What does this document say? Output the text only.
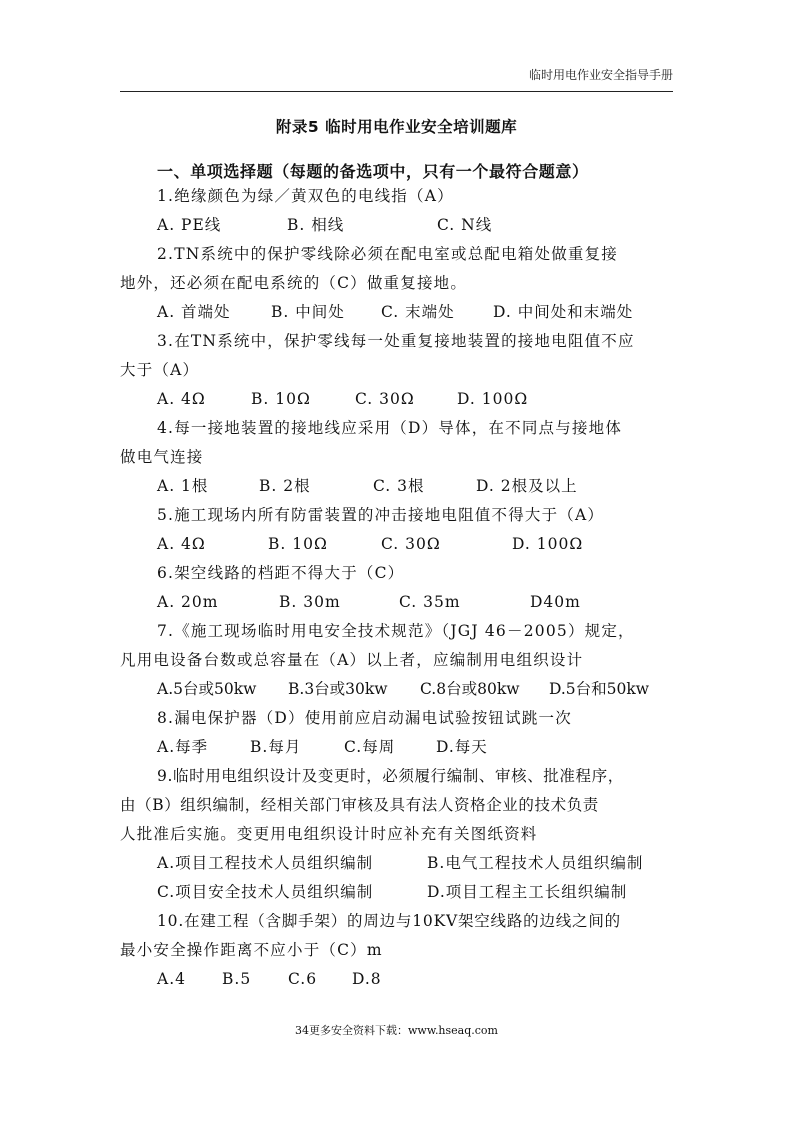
临时用电作业安全指导手册
附录5 临时用电作业安全培训题库
一、单项选择题（每题的备选项中，只有一个最符合题意）
1.绝缘颜色为绿／黄双色的电线指（A）
A. PE线	B. 相线	C. N线
2.TN系统中的保护零线除必须在配电室或总配电箱处做重复接
地外，还必须在配电系统的（C）做重复接地。
A. 首端处	B. 中间处 C. 末端处 D. 中间处和末端处
3.在TN系统中，保护零线每一处重复接地装置的接地电阻值不应
大于（A）
A. 4Ω	B. 10Ω	C. 30Ω	D. 100Ω
4.每一接地装置的接地线应采用（D）导体，在不同点与接地体
做电气连接
A. 1根	B. 2根	C. 3根	D. 2根及以上
5.施工现场内所有防雷装置的冲击接地电阻值不得大于（A）
A. 4Ω	B. 10Ω	C. 30Ω	D. 100Ω
6.架空线路的档距不得大于（C）
A. 20m	B. 30m	C. 35m	D40m
7.《施工现场临时用电安全技术规范》（JGJ 46－2005）规定，
凡用电设备台数或总容量在（A）以上者，应编制用电组织设计
A.5台或50kw B.3台或30kw C.8台或80kw D.5台和50kw
8.漏电保护器（D）使用前应启动漏电试验按钮试跳一次
A.每季	B.每月	C.每周	D.每天
9.临时用电组织设计及变更时，必须履行编制、审核、批准程序，
由（B）组织编制，经相关部门审核及具有法人资格企业的技术负责
人批准后实施。变更用电组织设计时应补充有关图纸资料
A.项目工程技术人员组织编制	B.电气工程技术人员组织编制
C.项目安全技术人员组织编制	D.项目工程主工长组织编制
10.在建工程（含脚手架）的周边与10KV架空线路的边线之间的
最小安全操作距离不应小于（C）m
A.4 B.5 C.6 D.8
34更多安全资料下载：www.hseaq.com
